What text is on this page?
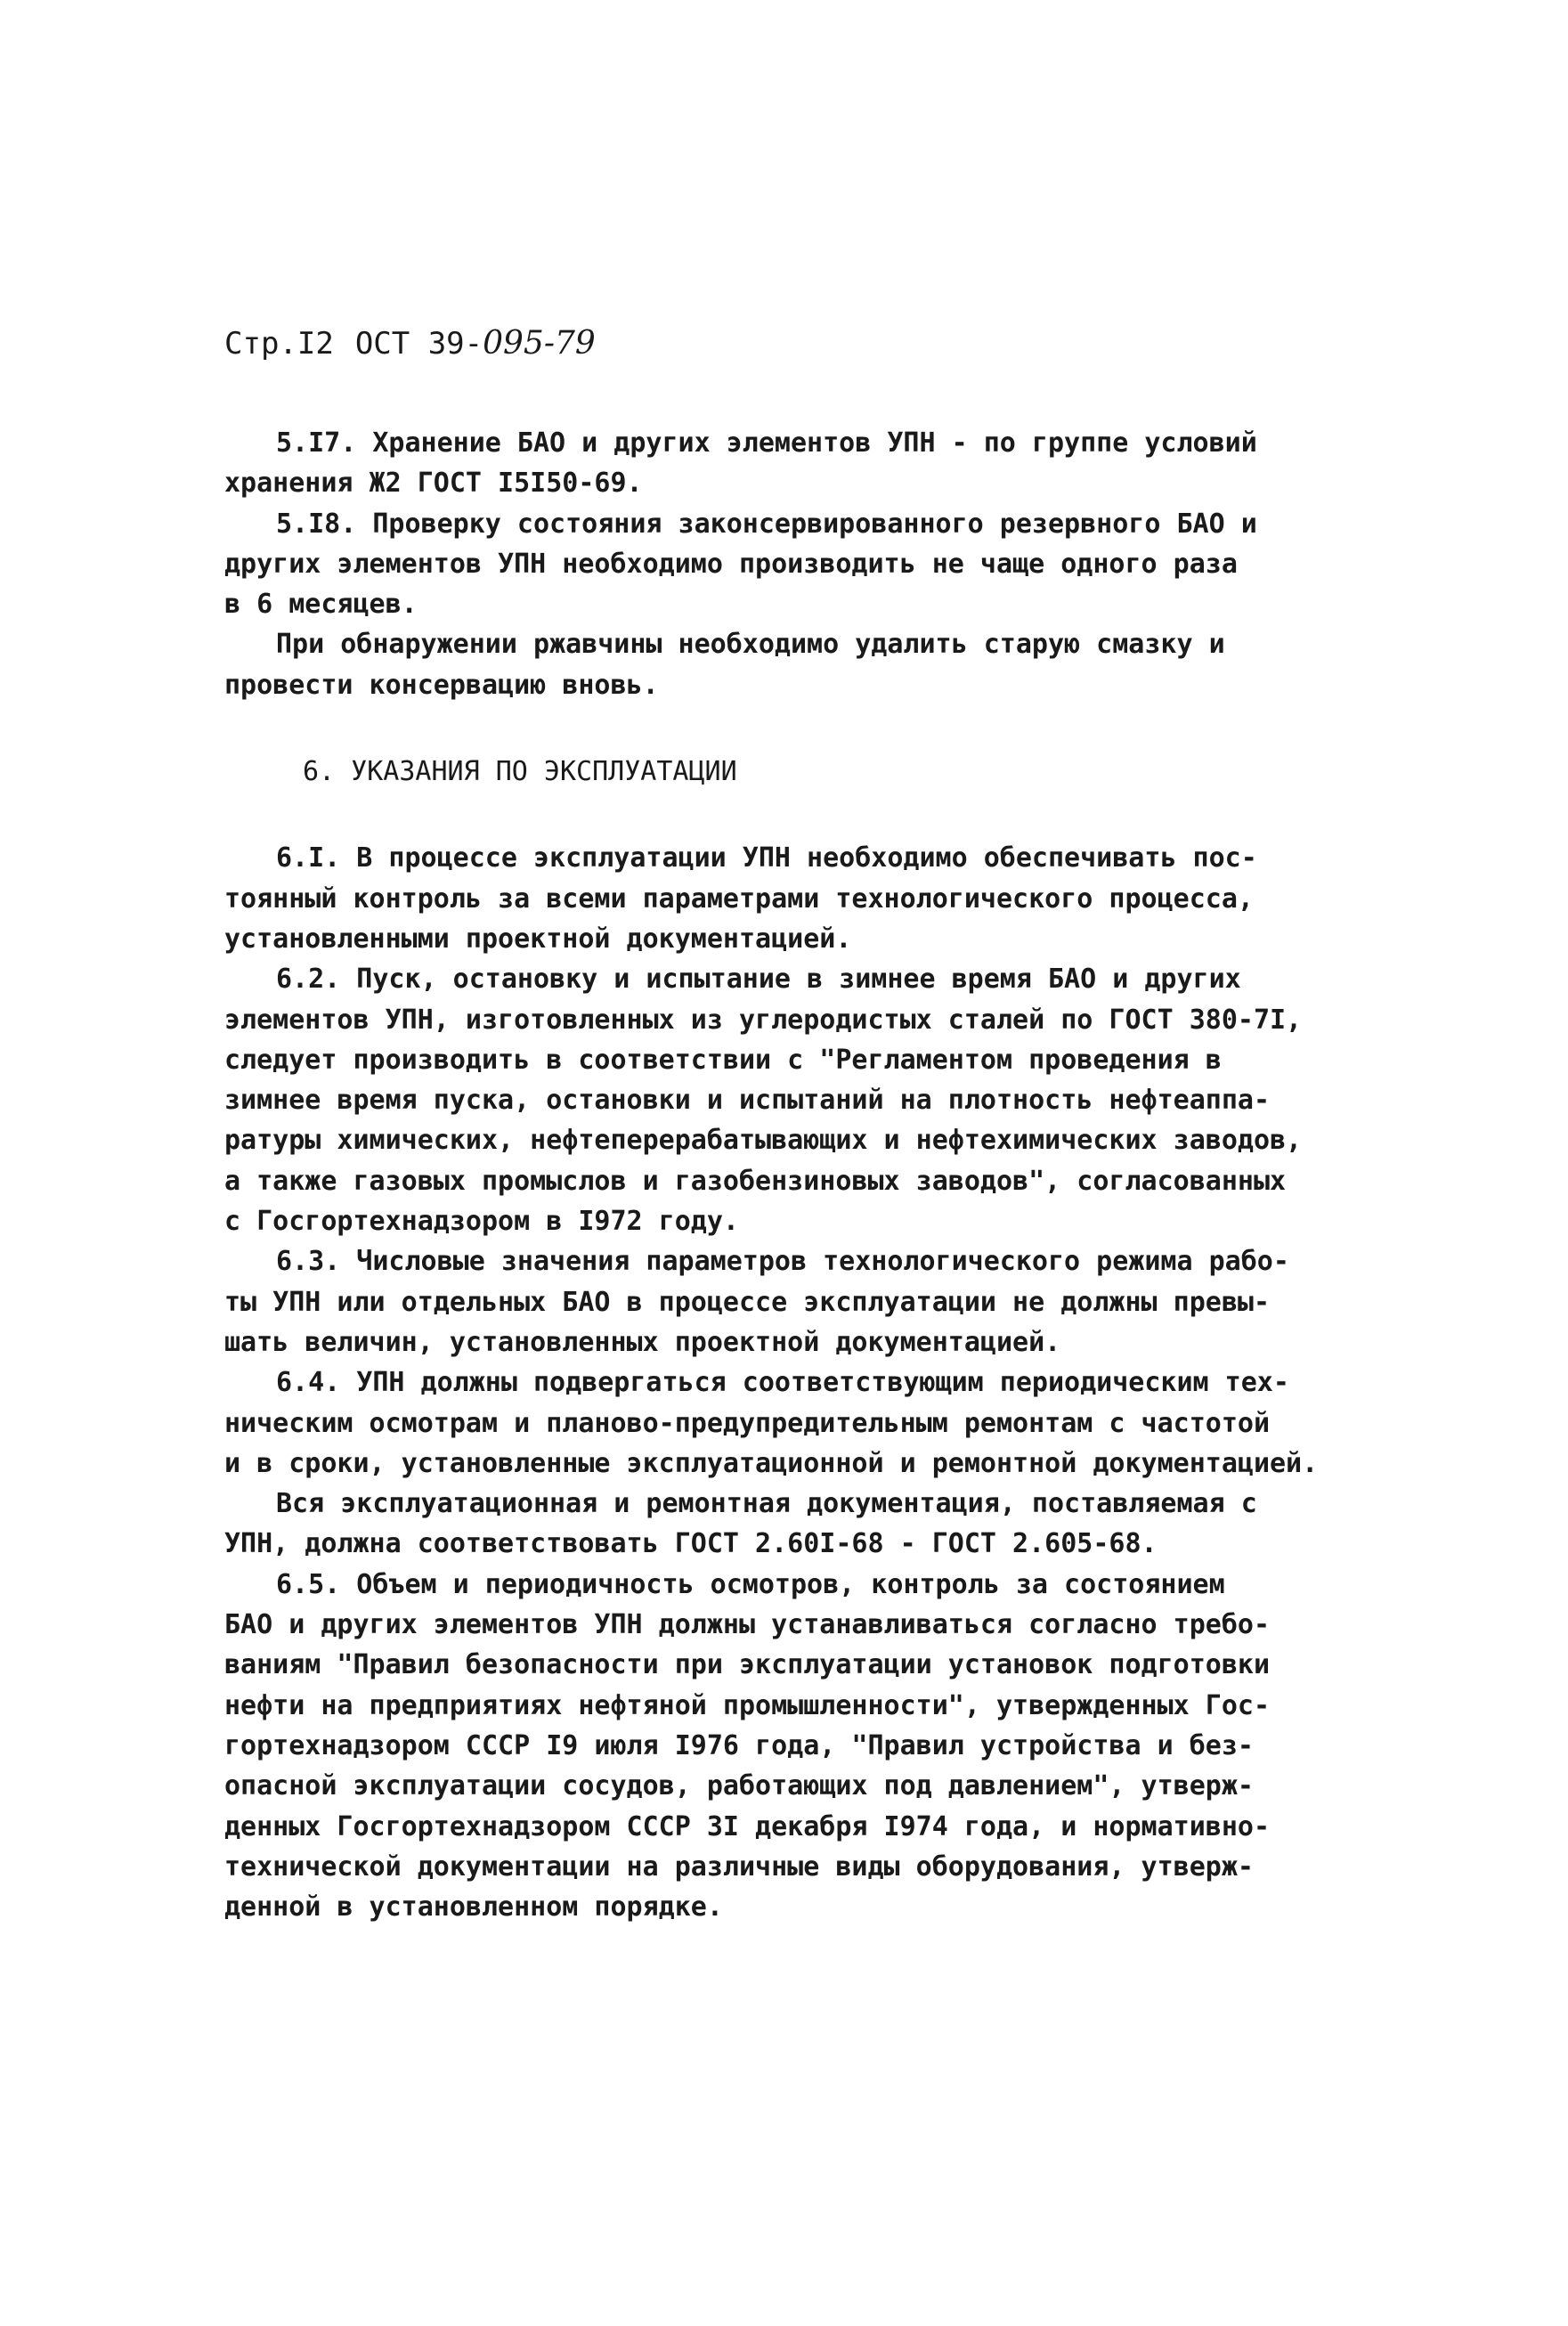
Стр.I2 ОСТ 39-095-79
5.I7. Хранение БАО и других элементов УПН - по группе условий
хранения Ж2 ГОСТ I5I50-69.
5.I8. Проверку состояния законсервированного резервного БАО и
других элементов УПН необходимо производить не чаще одного раза
в 6 месяцев.
При обнаружении ржавчины необходимо удалить старую смазку и
провести консервацию вновь.
6. УКАЗАНИЯ ПО ЭКСПЛУАТАЦИИ
6.I. В процессе эксплуатации УПН необходимо обеспечивать пос-
тоянный контроль за всеми параметрами технологического процесса,
установленными проектной документацией.
6.2. Пуск, остановку и испытание в зимнее время БАО и других
элементов УПН, изготовленных из углеродистых сталей по ГОСТ 380-7I,
следует производить в соответствии с "Регламентом проведения в
зимнее время пуска, остановки и испытаний на плотность нефтеаппа-
ратуры химических, нефтеперерабатывающих и нефтехимических заводов,
а также газовых промыслов и газобензиновых заводов", согласованных
с Госгортехнадзором в I972 году.
6.3. Числовые значения параметров технологического режима рабо-
ты УПН или отдельных БАО в процессе эксплуатации не должны превы-
шать величин, установленных проектной документацией.
6.4. УПН должны подвергаться соответствующим периодическим тех-
ническим осмотрам и планово-предупредительным ремонтам с частотой
и в сроки, установленные эксплуатационной и ремонтной документацией.
Вся эксплуатационная и ремонтная документация, поставляемая с
УПН, должна соответствовать ГОСТ 2.60I-68 - ГОСТ 2.605-68.
6.5. Объем и периодичность осмотров, контроль за состоянием
БАО и других элементов УПН должны устанавливаться согласно требо-
ваниям "Правил безопасности при эксплуатации установок подготовки
нефти на предприятиях нефтяной промышленности", утвержденных Гос-
гортехнадзором СССР I9 июля I976 года, "Правил устройства и без-
опасной эксплуатации сосудов, работающих под давлением", утверж-
денных Госгортехнадзором СССР 3I декабря I974 года, и нормативно-
технической документации на различные виды оборудования, утверж-
денной в установленном порядке.
